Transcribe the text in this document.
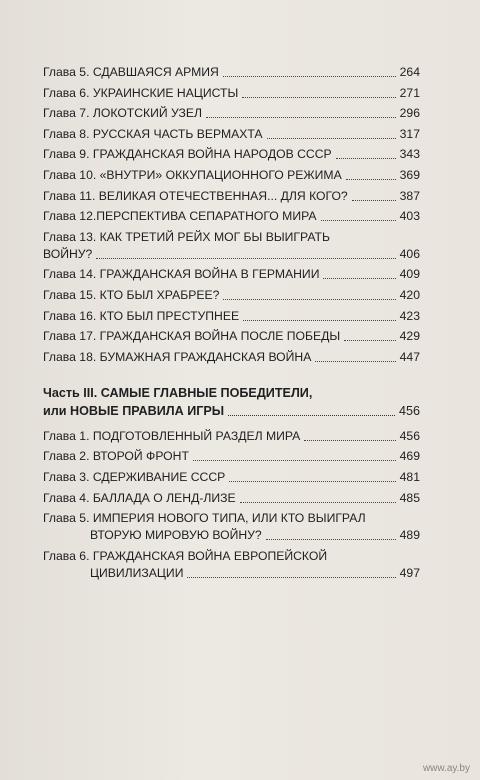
Глава 5. СДАВШАЯСЯ АРМИЯ	264
Глава 6. УКРАИНСКИЕ НАЦИСТЫ	271
Глава 7. ЛОКОТСКИЙ УЗЕЛ	296
Глава 8. РУССКАЯ ЧАСТЬ ВЕРМАХТА	317
Глава 9. ГРАЖДАНСКАЯ ВОЙНА НАРОДОВ СССР	343
Глава 10. «ВНУТРИ» ОККУПАЦИОННОГО РЕЖИМА	369
Глава 11. ВЕЛИКАЯ ОТЕЧЕСТВЕННАЯ... ДЛЯ КОГО?	387
Глава 12.ПЕРСПЕКТИВА СЕПАРАТНОГО МИРА	403
Глава 13. КАК ТРЕТИЙ РЕЙХ МОГ БЫ ВЫИГРАТЬ
ВОЙНУ?	406
Глава 14. ГРАЖДАНСКАЯ ВОЙНА В ГЕРМАНИИ	409
Глава 15. КТО БЫЛ ХРАБРЕЕ?	420
Глава 16. КТО БЫЛ ПРЕСТУПНЕЕ	423
Глава 17. ГРАЖДАНСКАЯ ВОЙНА ПОСЛЕ ПОБЕДЫ	429
Глава 18. БУМАЖНАЯ ГРАЖДАНСКАЯ ВОЙНА	447
Часть III. САМЫЕ ГЛАВНЫЕ ПОБЕДИТЕЛИ,
или НОВЫЕ ПРАВИЛА ИГРЫ	456
Глава 1. ПОДГОТОВЛЕННЫЙ РАЗДЕЛ МИРА	456
Глава 2. ВТОРОЙ ФРОНТ	469
Глава 3. СДЕРЖИВАНИЕ СССР	481
Глава 4. БАЛЛАДА О ЛЕНД-ЛИЗЕ	485
Глава 5. ИМПЕРИЯ НОВОГО ТИПА, ИЛИ КТО ВЫИГРАЛ
ВТОРУЮ МИРОВУЮ ВОЙНУ?	489
Глава 6. ГРАЖДАНСКАЯ ВОЙНА ЕВРОПЕЙСКОЙ
ЦИВИЛИЗАЦИИ	497
www.ay.by
